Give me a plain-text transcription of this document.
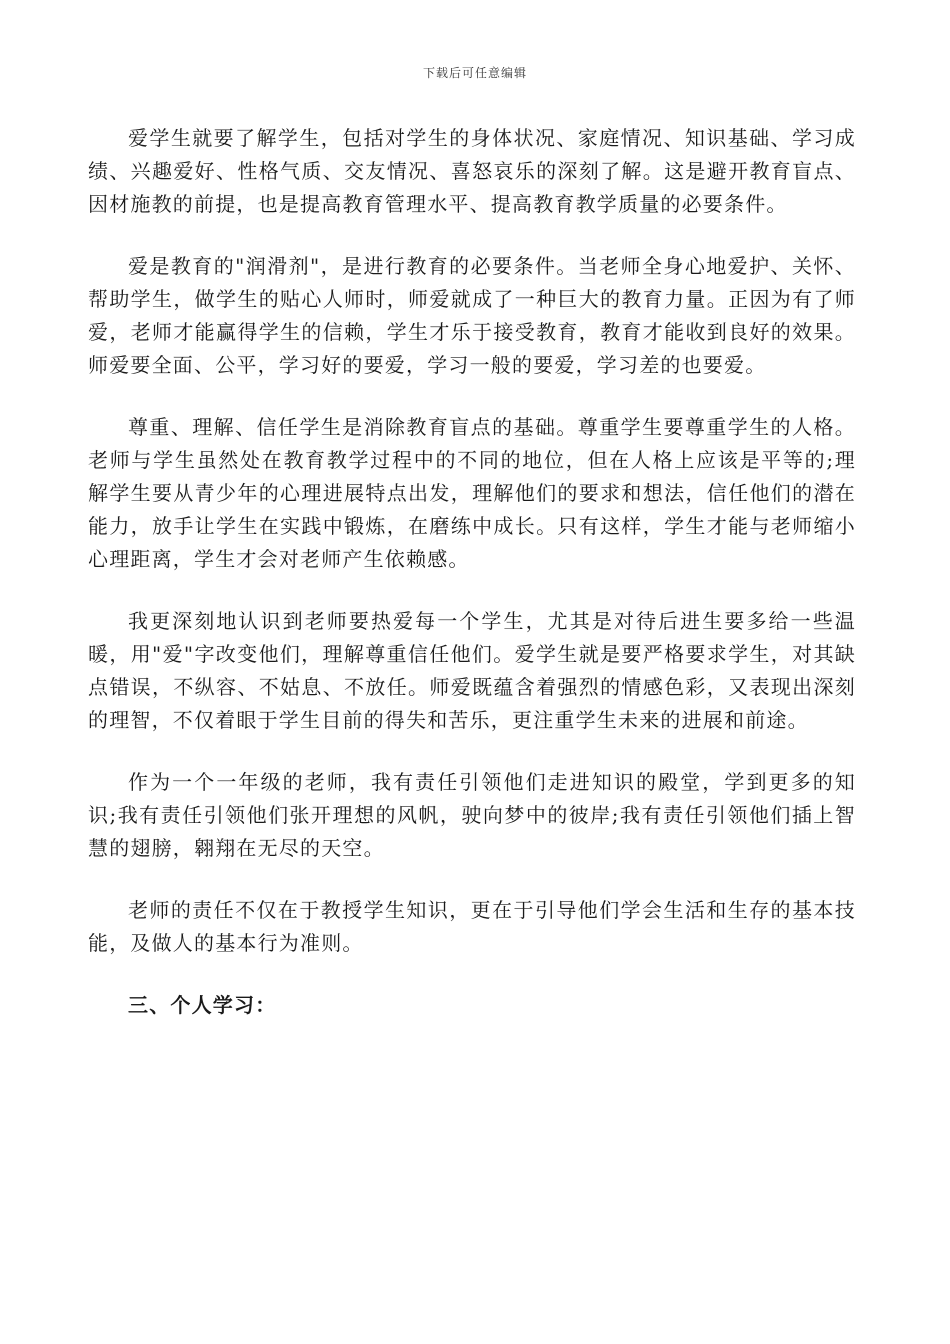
下载后可任意编辑

爱学生就要了解学生，包括对学生的身体状况、家庭情况、知识基础、学习成绩、兴趣爱好、性格气质、交友情况、喜怒哀乐的深刻了解。这是避开教育盲点、因材施教的前提，也是提高教育管理水平、提高教育教学质量的必要条件。

爱是教育的"润滑剂"，是进行教育的必要条件。当老师全身心地爱护、关怀、帮助学生，做学生的贴心人师时，师爱就成了一种巨大的教育力量。正因为有了师爱，老师才能赢得学生的信赖，学生才乐于接受教育，教育才能收到良好的效果。师爱要全面、公平，学习好的要爱，学习一般的要爱，学习差的也要爱。

尊重、理解、信任学生是消除教育盲点的基础。尊重学生要尊重学生的人格。老师与学生虽然处在教育教学过程中的不同的地位，但在人格上应该是平等的;理解学生要从青少年的心理进展特点出发，理解他们的要求和想法，信任他们的潜在能力，放手让学生在实践中锻炼，在磨练中成长。只有这样，学生才能与老师缩小心理距离，学生才会对老师产生依赖感。

我更深刻地认识到老师要热爱每一个学生，尤其是对待后进生要多给一些温暖，用"爱"字改变他们，理解尊重信任他们。爱学生就是要严格要求学生，对其缺点错误，不纵容、不姑息、不放任。师爱既蕴含着强烈的情感色彩，又表现出深刻的理智，不仅着眼于学生目前的得失和苦乐，更注重学生未来的进展和前途。

作为一个一年级的老师，我有责任引领他们走进知识的殿堂，学到更多的知识;我有责任引领他们张开理想的风帆，驶向梦中的彼岸;我有责任引领他们插上智慧的翅膀，翱翔在无尽的天空。

老师的责任不仅在于教授学生知识，更在于引导他们学会生活和生存的基本技能，及做人的基本行为准则。

三、个人学习：
